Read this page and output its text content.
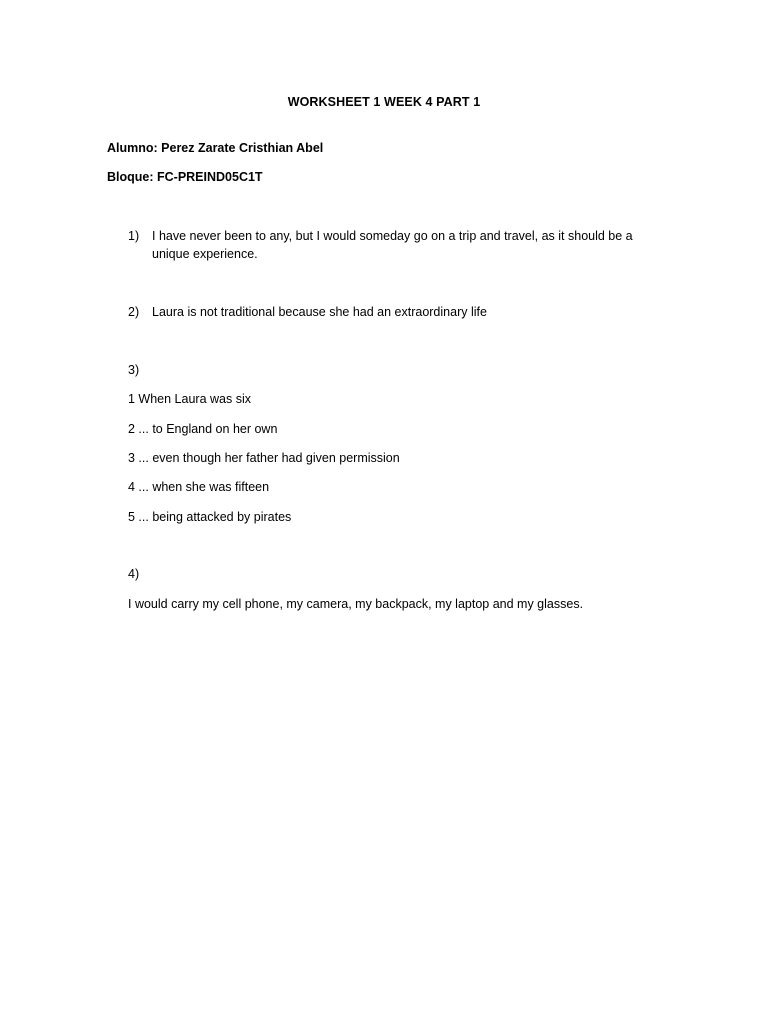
WORKSHEET 1 WEEK 4 PART 1
Alumno: Perez Zarate Cristhian Abel
Bloque: FC-PREIND05C1T
1) I have never been to any, but I would someday go on a trip and travel, as it should be a unique experience.
2) Laura is not traditional because she had an extraordinary life
3)
1 When Laura was six
2 ... to England on her own
3 ... even though her father had given permission
4 ... when she was fifteen
5 ... being attacked by pirates
4)
I would carry my cell phone, my camera, my backpack, my laptop and my glasses.
